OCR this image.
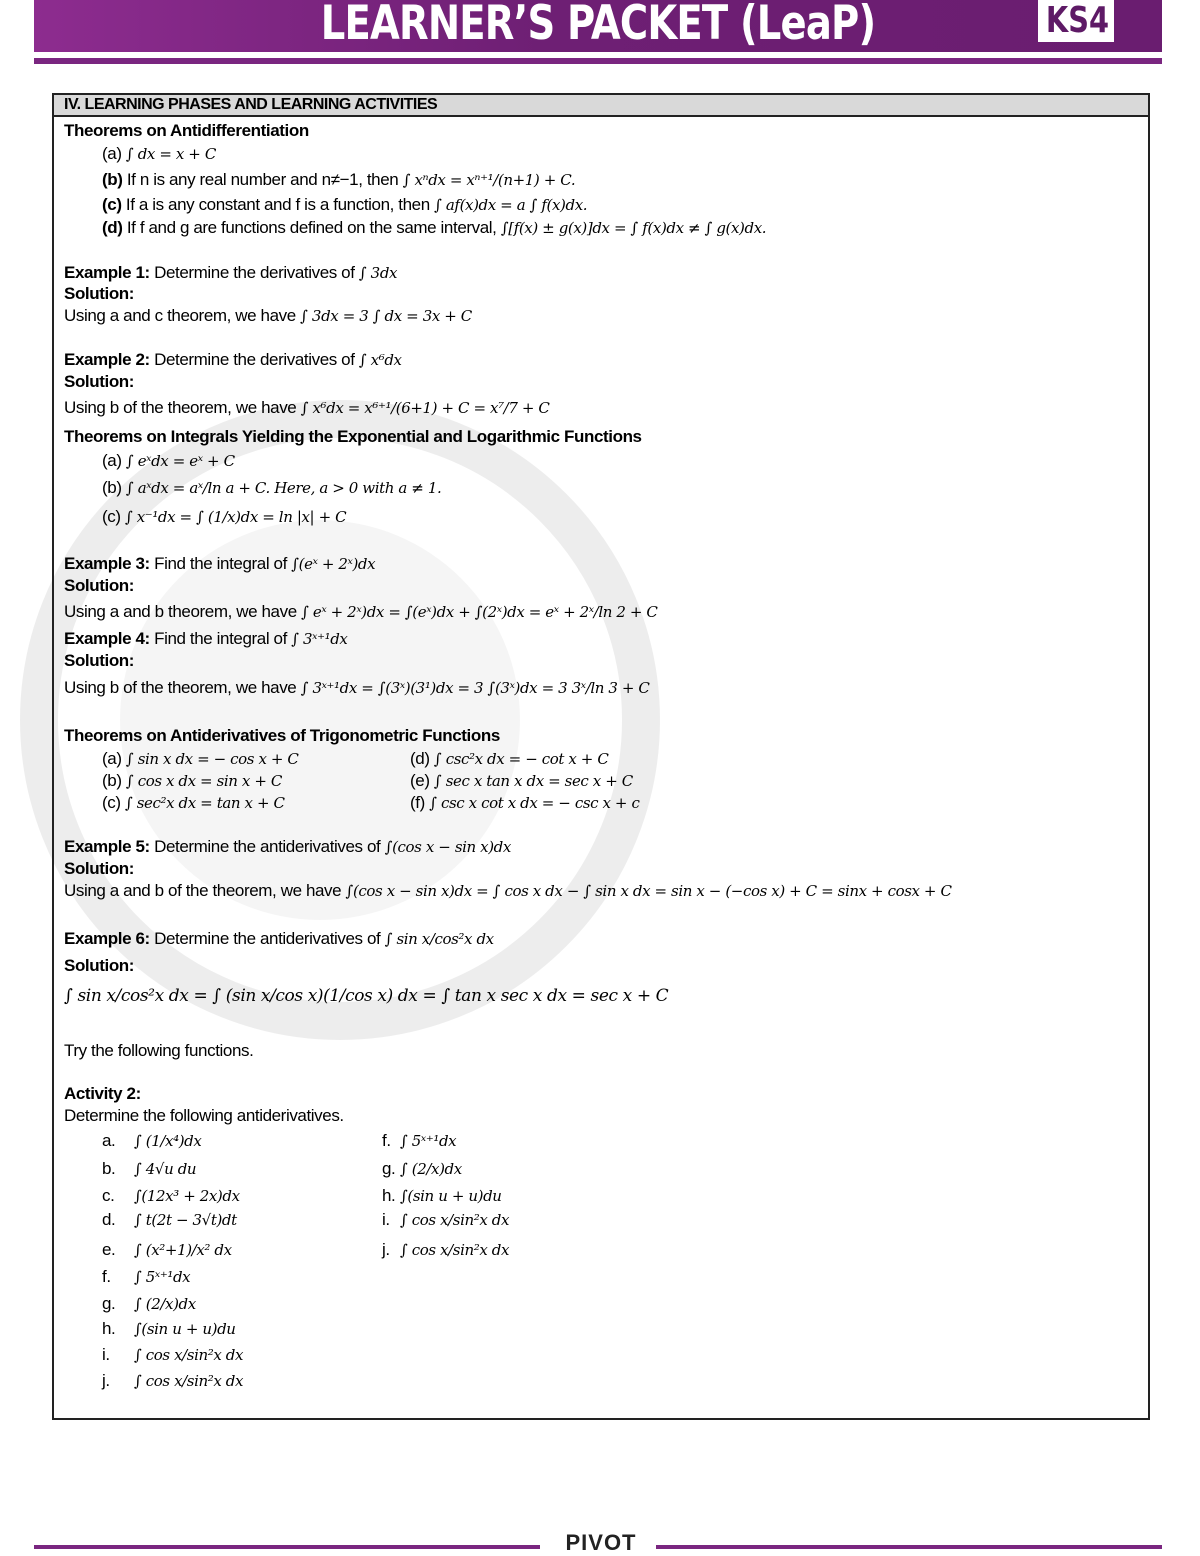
LEARNER’S PACKET (LeaP)	KS4
IV. LEARNING PHASES AND LEARNING ACTIVITIES
Theorems on Antidifferentiation
(a) ∫ dx = x + C
(b) If n is any real number and n≠−1, then ∫ xⁿdx = xⁿ⁺¹/(n+1) + C.
(c) If a is any constant and f is a function, then ∫ af(x)dx = a ∫ f(x)dx.
(d) If f and g are functions defined on the same interval, ∫[f(x) ± g(x)]dx = ∫ f(x)dx ≠ ∫ g(x)dx.
Example 1: Determine the derivatives of ∫ 3dx
Solution:
Using a and c theorem, we have ∫ 3dx = 3 ∫ dx = 3x + C
Example 2: Determine the derivatives of ∫ x⁶dx
Solution:
Using b of the theorem, we have ∫ x⁶dx = x⁶⁺¹/(6+1) + C = x⁷/7 + C
Theorems on Integrals Yielding the Exponential and Logarithmic Functions
(a) ∫ eˣdx = eˣ + C
(b) ∫ aˣdx = aˣ/ln a + C. Here, a > 0 with a ≠ 1.
(c) ∫ x⁻¹dx = ∫ (1/x)dx = ln |x| + C
Example 3: Find the integral of ∫(eˣ + 2ˣ)dx
Solution:
Using a and b theorem, we have ∫ eˣ + 2ˣ)dx = ∫(eˣ)dx + ∫(2ˣ)dx = eˣ + 2ˣ/ln 2 + C
Example 4: Find the integral of ∫ 3ˣ⁺¹dx
Solution:
Using b of the theorem, we have ∫ 3ˣ⁺¹dx = ∫(3ˣ)(3¹)dx = 3 ∫(3ˣ)dx = 3 3ˣ/ln 3 + C
Theorems on Antiderivatives of Trigonometric Functions
(a) ∫ sin x dx = − cos x + C
(b) ∫ cos x dx = sin x + C
(c) ∫ sec²x dx = tan x + C
(d) ∫ csc²x dx = − cot x + C
(e) ∫ sec x tan x dx = sec x + C
(f) ∫ csc x cot x dx = − csc x + c
Example 5: Determine the antiderivatives of ∫(cos x − sin x)dx
Solution:
Using a and b of the theorem, we have ∫(cos x − sin x)dx = ∫ cos x dx − ∫ sin x dx = sin x − (−cos x) + C = sinx + cosx + C
Example 6: Determine the antiderivatives of ∫ sin x/cos²x dx
Solution:
∫ sin x/cos²x dx = ∫ (sin x/cos x)(1/cos x) dx = ∫ tan x sec x dx = sec x + C
Try the following functions.
Activity 2:
Determine the following antiderivatives.
a. ∫ (1/x⁴)dx
b. ∫ 4√u du
c. ∫(12x³ + 2x)dx
d. ∫ t(2t − 3√t)dt
e. ∫ (x²+1)/x² dx
f. ∫ 5ˣ⁺¹dx
g. ∫ (2/x)dx
h. ∫(sin u + u)du
i. ∫ cos x/sin²x dx
j. ∫ cos x/sin²x dx
f. ∫ 5ˣ⁺¹dx
g. ∫ (2/x)dx
h. ∫(sin u + u)du
i. ∫ cos x/sin²x dx
j. ∫ cos x/sin²x dx
PIVOT
